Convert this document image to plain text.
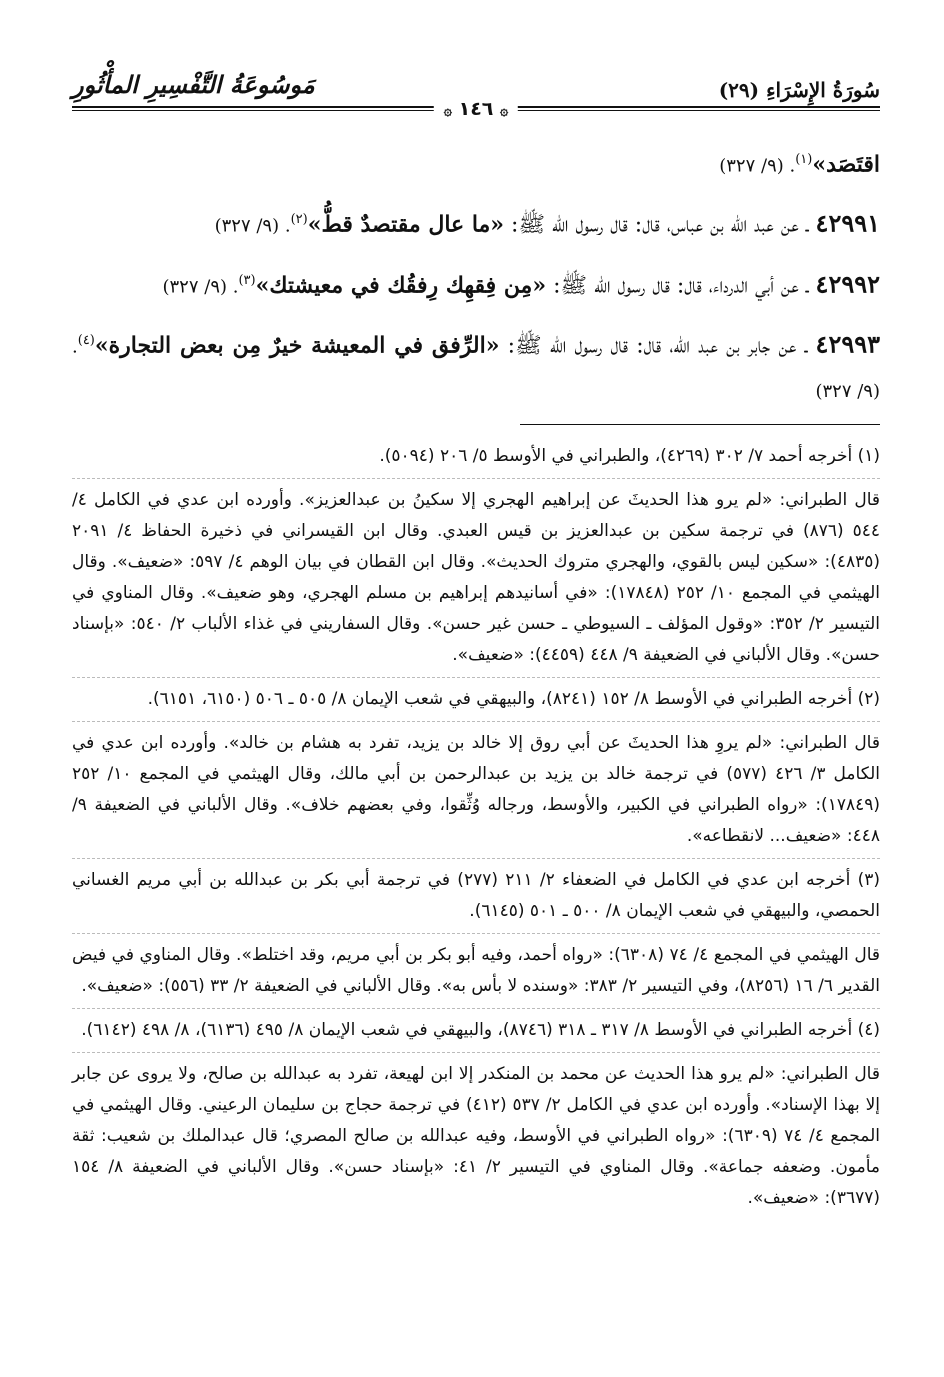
سُورَةُ الإِسْرَاءِ (٢٩)
مَوسُوعَةُ التَّفْسِيرِ المأْثُورِ
۞ ١٤٦ ۞

اقتَصَد»$^{(١)}$. (٩/ ٣٢٧)

٤٢٩٩١ ـ عن عبد الله بن عباس، قال: قال رسول الله ﷺ: «ما عال مقتصدٌ قطُّ»$^{(٢)}$. (٩/ ٣٢٧)

٤٢٩٩٢ ـ عن أبي الدرداء، قال: قال رسول الله ﷺ: «مِن فِقهِك رِفقُك في معيشتك»$^{(٣)}$. (٩/ ٣٢٧)

٤٢٩٩٣ ـ عن جابر بن عبد الله، قال: قال رسول الله ﷺ: «الرِّفق في المعيشة خيرٌ مِن بعض التجارة»$^{(٤)}$. (٩/ ٣٢٧)

(١) أخرجه أحمد ٧/ ٣٠٢ (٤٢٦٩)، والطبراني في الأوسط ٥/ ٢٠٦ (٥٠٩٤).

قال الطبراني: «لم يرو هذا الحديثَ عن إبراهيم الهجري إلا سكينُ بن عبدالعزيز». وأورده ابن عدي في الكامل ٤/ ٥٤٤ (٨٧٦) في ترجمة سكين بن عبدالعزيز بن قيس العبدي. وقال ابن القيسراني في ذخيرة الحفاظ ٤/ ٢٠٩١ (٤٨٣٥): «سكين ليس بالقوي، والهجري متروك الحديث». وقال ابن القطان في بيان الوهم ٤/ ٥٩٧: «ضعيف». وقال الهيثمي في المجمع ١٠/ ٢٥٢ (١٧٨٤٨): «في أسانيدهم إبراهيم بن مسلم الهجري، وهو ضعيف». وقال المناوي في التيسير ٢/ ٣٥٢: «وقول المؤلف ـ السيوطي ـ حسن غير حسن». وقال السفاريني في غذاء الألباب ٢/ ٥٤٠: «بإسناد حسن». وقال الألباني في الضعيفة ٩/ ٤٤٨ (٤٤٥٩): «ضعيف».

(٢) أخرجه الطبراني في الأوسط ٨/ ١٥٢ (٨٢٤١)، والبيهقي في شعب الإيمان ٨/ ٥٠٥ ـ ٥٠٦ (٦١٥٠، ٦١٥١).

قال الطبراني: «لم يروِ هذا الحديثَ عن أبي روق إلا خالد بن يزيد، تفرد به هشام بن خالد». وأورده ابن عدي في الكامل ٣/ ٤٢٦ (٥٧٧) في ترجمة خالد بن يزيد بن عبدالرحمن بن أبي مالك، وقال الهيثمي في المجمع ١٠/ ٢٥٢ (١٧٨٤٩): «رواه الطبراني في الكبير، والأوسط، ورجاله وُثِّقوا، وفي بعضهم خلاف». وقال الألباني في الضعيفة ٩/ ٤٤٨: «ضعيف... لانقطاعه».

(٣) أخرجه ابن عدي في الكامل في الضعفاء ٢/ ٢١١ (٢٧٧) في ترجمة أبي بكر بن عبدالله بن أبي مريم الغساني الحمصي، والبيهقي في شعب الإيمان ٨/ ٥٠٠ ـ ٥٠١ (٦١٤٥).

قال الهيثمي في المجمع ٤/ ٧٤ (٦٣٠٨): «رواه أحمد، وفيه أبو بكر بن أبي مريم، وقد اختلط». وقال المناوي في فيض القدير ٦/ ١٦ (٨٢٥٦)، وفي التيسير ٢/ ٣٨٣: «وسنده لا بأس به». وقال الألباني في الضعيفة ٢/ ٣٣ (٥٥٦): «ضعيف».

(٤) أخرجه الطبراني في الأوسط ٨/ ٣١٧ ـ ٣١٨ (٨٧٤٦)، والبيهقي في شعب الإيمان ٨/ ٤٩٥ (٦١٣٦)، ٨/ ٤٩٨ (٦١٤٢).

قال الطبراني: «لم يرو هذا الحديث عن محمد بن المنكدر إلا ابن لهيعة، تفرد به عبدالله بن صالح، ولا يروى عن جابر إلا بهذا الإسناد». وأورده ابن عدي في الكامل ٢/ ٥٣٧ (٤١٢) في ترجمة حجاج بن سليمان الرعيني. وقال الهيثمي في المجمع ٤/ ٧٤ (٦٣٠٩): «رواه الطبراني في الأوسط، وفيه عبدالله بن صالح المصري؛ قال عبدالملك بن شعيب: ثقة مأمون. وضعفه جماعة». وقال المناوي في التيسير ٢/ ٤١: «بإسناد حسن». وقال الألباني في الضعيفة ٨/ ١٥٤ (٣٦٧٧): «ضعيف».
